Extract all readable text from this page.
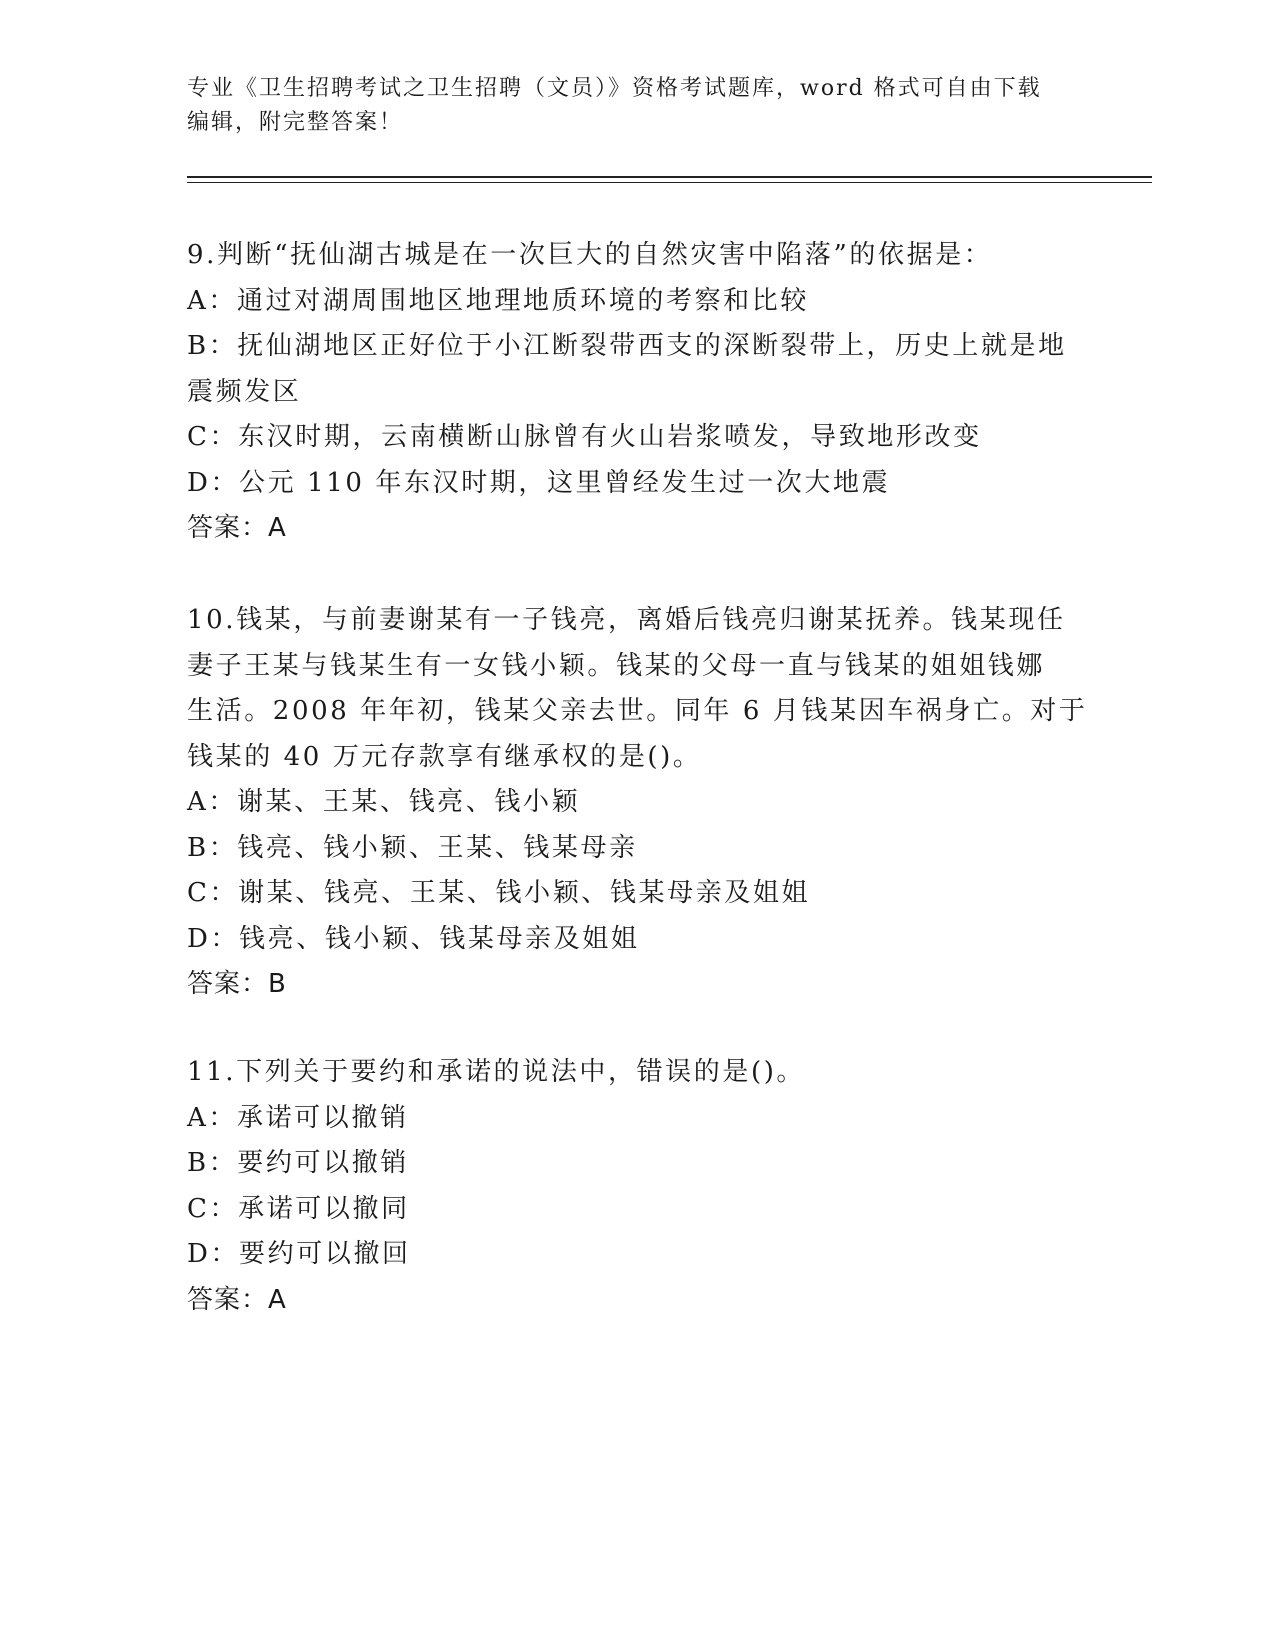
专业《卫生招聘考试之卫生招聘（文员）》资格考试题库，word 格式可自由下载
编辑，附完整答案！
9.判断“抚仙湖古城是在一次巨大的自然灾害中陷落”的依据是：
A：通过对湖周围地区地理地质环境的考察和比较
B：抚仙湖地区正好位于小江断裂带西支的深断裂带上，历史上就是地
震频发区
C：东汉时期，云南横断山脉曾有火山岩浆喷发，导致地形改变
D：公元 110 年东汉时期，这里曾经发生过一次大地震
答案：A
10.钱某，与前妻谢某有一子钱亮，离婚后钱亮归谢某抚养。钱某现任
妻子王某与钱某生有一女钱小颖。钱某的父母一直与钱某的姐姐钱娜
生活。2008 年年初，钱某父亲去世。同年 6 月钱某因车祸身亡。对于
钱某的 40 万元存款享有继承权的是()。
A：谢某、王某、钱亮、钱小颖
B：钱亮、钱小颖、王某、钱某母亲
C：谢某、钱亮、王某、钱小颖、钱某母亲及姐姐
D：钱亮、钱小颖、钱某母亲及姐姐
答案：B
11.下列关于要约和承诺的说法中，错误的是()。
A：承诺可以撤销
B：要约可以撤销
C：承诺可以撤同
D：要约可以撤回
答案：A
